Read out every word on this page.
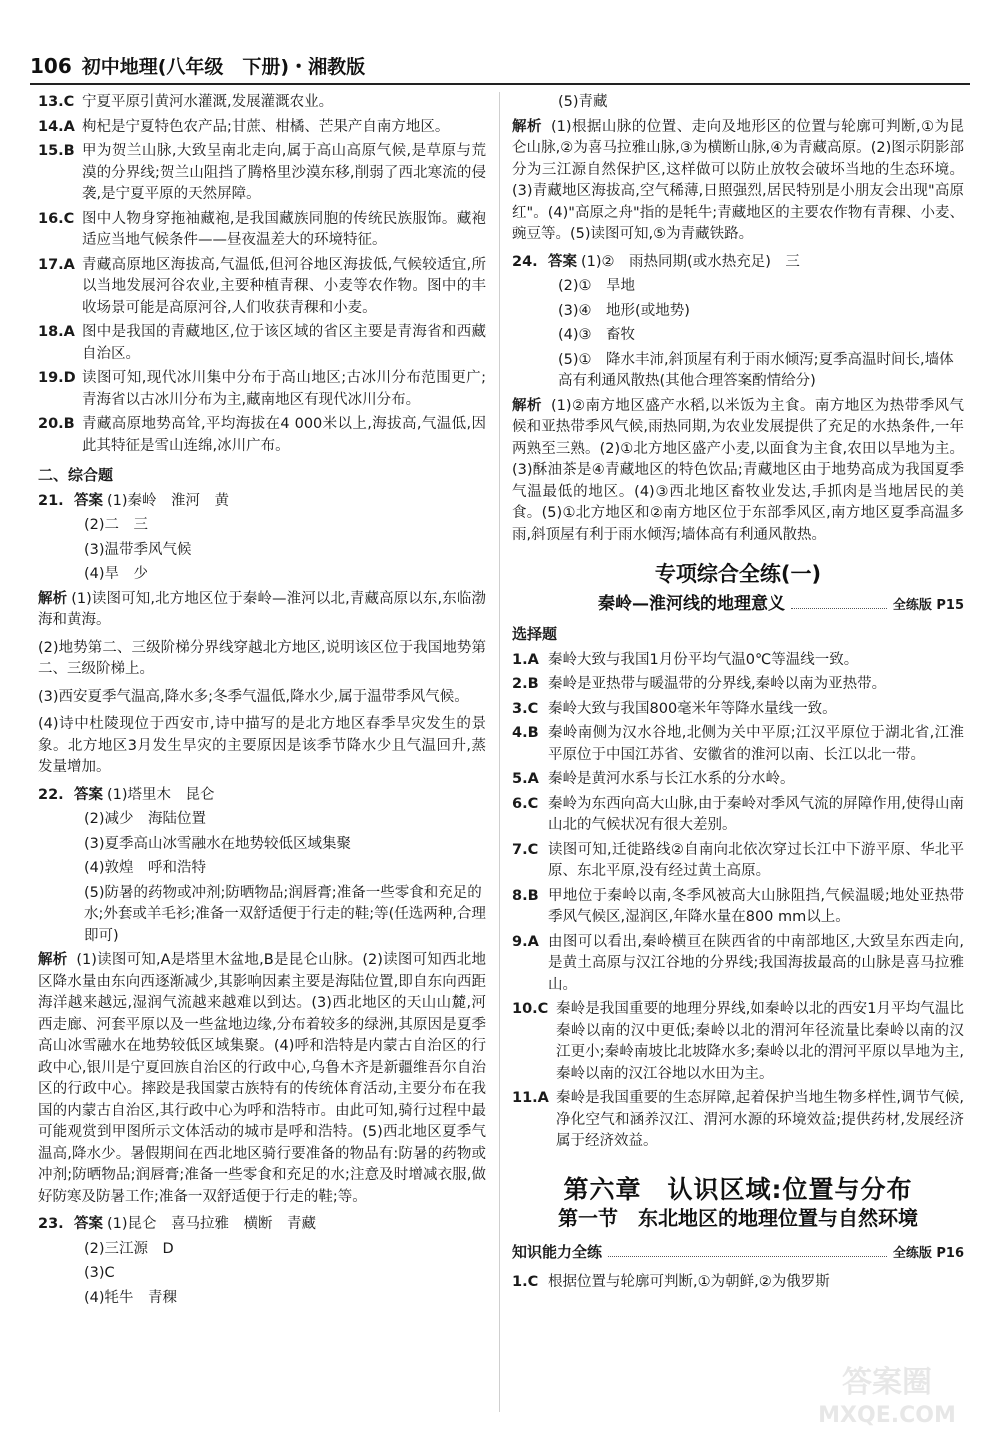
106 初中地理(八年级　下册)・湘教版
13.C 宁夏平原引黄河水灌溉,发展灌溉农业。
14.A 枸杞是宁夏特色农产品;甘蔗、柑橘、芒果产自南方地区。
15.B 甲为贺兰山脉,大致呈南北走向,属于高山高原气候,是草原与荒漠的分界线;贺兰山阻挡了腾格里沙漠东移,削弱了西北寒流的侵袭,是宁夏平原的天然屏障。
16.C 图中人物身穿拖袖藏袍,是我国藏族同胞的传统民族服饰。藏袍适应当地气候条件——昼夜温差大的环境特征。
17.A 青藏高原地区海拔高,气温低,但河谷地区海拔低,气候较适宜,所以当地发展河谷农业,主要种植青稞、小麦等农作物。图中的丰收场景可能是高原河谷,人们收获青稞和小麦。
18.A 图中是我国的青藏地区,位于该区域的省区主要是青海省和西藏自治区。
19.D 读图可知,现代冰川集中分布于高山地区;古冰川分布范围更广;青海省以古冰川分布为主,藏南地区有现代冰川分布。
20.B 青藏高原地势高耸,平均海拔在4 000米以上,海拔高,气温低,因此其特征是雪山连绵,冰川广布。
二、综合题
21. 答案 (1)秦岭　淮河　黄
(2)二　三
(3)温带季风气候
(4)旱　少
解析 (1)读图可知,北方地区位于秦岭—淮河以北,青藏高原以东,东临渤海和黄海。
(2)地势第二、三级阶梯分界线穿越北方地区,说明该区位于我国地势第二、三级阶梯上。
(3)西安夏季气温高,降水多;冬季气温低,降水少,属于温带季风气候。
(4)诗中杜陵现位于西安市,诗中描写的是北方地区春季旱灾发生的景象。北方地区3月发生旱灾的主要原因是该季节降水少且气温回升,蒸发量增加。
22. 答案 (1)塔里木　昆仑
(2)减少　海陆位置
(3)夏季高山冰雪融水在地势较低区域集聚
(4)敦煌　呼和浩特
(5)防暑的药物或冲剂;防晒物品;润唇膏;准备一些零食和充足的水;外套或羊毛衫;准备一双舒适便于行走的鞋;等(任选两种,合理即可)
解析 (1)读图可知,A是塔里木盆地,B是昆仑山脉。(2)读图可知西北地区降水量由东向西逐渐减少,其影响因素主要是海陆位置,即自东向西距海洋越来越远,湿润气流越来越难以到达。(3)西北地区的天山山麓,河西走廊、河套平原以及一些盆地边缘,分布着较多的绿洲,其原因是夏季高山冰雪融水在地势较低区域集聚。(4)呼和浩特是内蒙古自治区的行政中心,银川是宁夏回族自治区的行政中心,乌鲁木齐是新疆维吾尔自治区的行政中心。摔跤是我国蒙古族特有的传统体育活动,主要分布在我国的内蒙古自治区,其行政中心为呼和浩特市。由此可知,骑行过程中最可能观赏到甲图所示文体活动的城市是呼和浩特。(5)西北地区夏季气温高,降水少。暑假期间在西北地区骑行要准备的物品有:防暑的药物或冲剂;防晒物品;润唇膏;准备一些零食和充足的水;注意及时增减衣服,做好防寒及防暑工作;准备一双舒适便于行走的鞋;等。
23. 答案 (1)昆仑　喜马拉雅　横断　青藏
(2)三江源　D
(3)C
(4)牦牛　青稞
(5)青藏
解析 (1)根据山脉的位置、走向及地形区的位置与轮廓可判断,①为昆仑山脉,②为喜马拉雅山脉,③为横断山脉,④为青藏高原。(2)图示阴影部分为三江源自然保护区,这样做可以防止放牧会破坏当地的生态环境。(3)青藏地区海拔高,空气稀薄,日照强烈,居民特别是小朋友会出现"高原红"。(4)"高原之舟"指的是牦牛;青藏地区的主要农作物有青稞、小麦、豌豆等。(5)读图可知,⑤为青藏铁路。
24. 答案 (1)②　雨热同期(或水热充足)　三
(2)①　旱地
(3)④　地形(或地势)
(4)③　畜牧
(5)①　降水丰沛,斜顶屋有利于雨水倾泻;夏季高温时间长,墙体高有利通风散热(其他合理答案酌情给分)
解析 (1)②南方地区盛产水稻,以米饭为主食。南方地区为热带季风气候和亚热带季风气候,雨热同期,为农业发展提供了充足的水热条件,一年两熟至三熟。(2)①北方地区盛产小麦,以面食为主食,农田以旱地为主。(3)酥油茶是④青藏地区的特色饮品;青藏地区由于地势高成为我国夏季气温最低的地区。(4)③西北地区畜牧业发达,手抓肉是当地居民的美食。(5)①北方地区和②南方地区位于东部季风区,南方地区夏季高温多雨,斜顶屋有利于雨水倾泻;墙体高有利通风散热。
专项综合全练(一)
秦岭—淮河线的地理意义	全练版 P15
选择题
1.A 秦岭大致与我国1月份平均气温0℃等温线一致。
2.B 秦岭是亚热带与暖温带的分界线,秦岭以南为亚热带。
3.C 秦岭大致与我国800毫米年等降水量线一致。
4.B 秦岭南侧为汉水谷地,北侧为关中平原;江汉平原位于湖北省,江淮平原位于中国江苏省、安徽省的淮河以南、长江以北一带。
5.A 秦岭是黄河水系与长江水系的分水岭。
6.C 秦岭为东西向高大山脉,由于秦岭对季风气流的屏障作用,使得山南山北的气候状况有很大差别。
7.C 读图可知,迁徙路线②自南向北依次穿过长江中下游平原、华北平原、东北平原,没有经过黄土高原。
8.B 甲地位于秦岭以南,冬季风被高大山脉阻挡,气候温暖;地处亚热带季风气候区,湿润区,年降水量在800 mm以上。
9.A 由图可以看出,秦岭横亘在陕西省的中南部地区,大致呈东西走向,是黄土高原与汉江谷地的分界线;我国海拔最高的山脉是喜马拉雅山。
10.C 秦岭是我国重要的地理分界线,如秦岭以北的西安1月平均气温比秦岭以南的汉中更低;秦岭以北的渭河年径流量比秦岭以南的汉江更小;秦岭南坡比北坡降水多;秦岭以北的渭河平原以旱地为主,秦岭以南的汉江谷地以水田为主。
11.A 秦岭是我国重要的生态屏障,起着保护当地生物多样性,调节气候,净化空气和涵养汉江、渭河水源的环境效益;提供药材,发展经济属于经济效益。
第六章　认识区域:位置与分布
第一节　东北地区的地理位置与自然环境
知识能力全练	全练版 P16
1.C 根据位置与轮廓可判断,①为朝鲜,②为俄罗斯
答案圈
MXQE.COM
